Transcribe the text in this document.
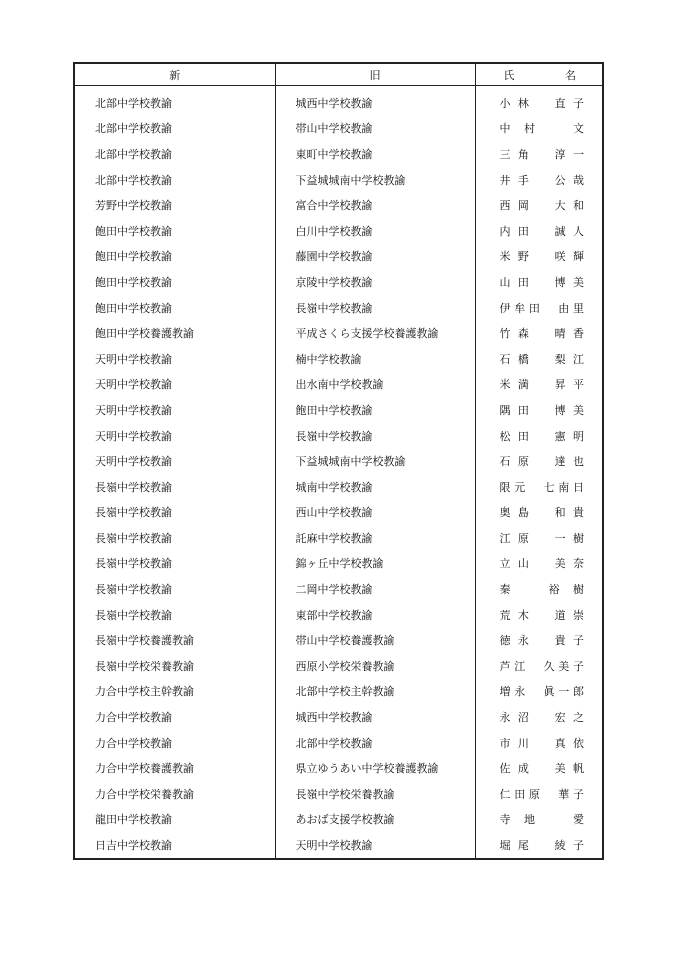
新	旧	氏 名

北部中学校教諭	城西中学校教諭	小林　直子

北部中学校教諭	帯山中学校教諭	中村　文

北部中学校教諭	東町中学校教諭	三角　淳一

北部中学校教諭	下益城城南中学校教諭	井手　公哉

芳野中学校教諭	富合中学校教諭	西岡　大和

飽田中学校教諭	白川中学校教諭	内田　誠人

飽田中学校教諭	藤園中学校教諭	米野　咲輝

飽田中学校教諭	京陵中学校教諭	山田　博美

飽田中学校教諭	長嶺中学校教諭	伊牟田　由里

飽田中学校養護教諭	平成さくら支援学校養護教諭	竹森　晴香

天明中学校教諭	楠中学校教諭	石橋　梨江

天明中学校教諭	出水南中学校教諭	米満　昇平

天明中学校教諭	飽田中学校教諭	隅田　博美

天明中学校教諭	長嶺中学校教諭	松田　憲明

天明中学校教諭	下益城城南中学校教諭	石原　達也

長嶺中学校教諭	城南中学校教諭	限元　七南日

長嶺中学校教諭	西山中学校教諭	奥島　和貴

長嶺中学校教諭	託麻中学校教諭	江原　一樹

長嶺中学校教諭	錦ヶ丘中学校教諭	立山　美奈

長嶺中学校教諭	二岡中学校教諭	秦　裕樹

長嶺中学校教諭	東部中学校教諭	荒木　道崇

長嶺中学校養護教諭	帯山中学校養護教諭	徳永　貴子

長嶺中学校栄養教諭	西原小学校栄養教諭	芦江　久美子

力合中学校主幹教諭	北部中学校主幹教諭	増永　眞一郎

力合中学校教諭	城西中学校教諭	永沼　宏之

力合中学校教諭	北部中学校教諭	市川　真依

力合中学校養護教諭	県立ゆうあい中学校養護教諭	佐成　美帆

力合中学校栄養教諭	長嶺中学校栄養教諭	仁田原　華子

龍田中学校教諭	あおば支援学校教諭	寺地　愛

日吉中学校教諭	天明中学校教諭	堀尾　綾子
